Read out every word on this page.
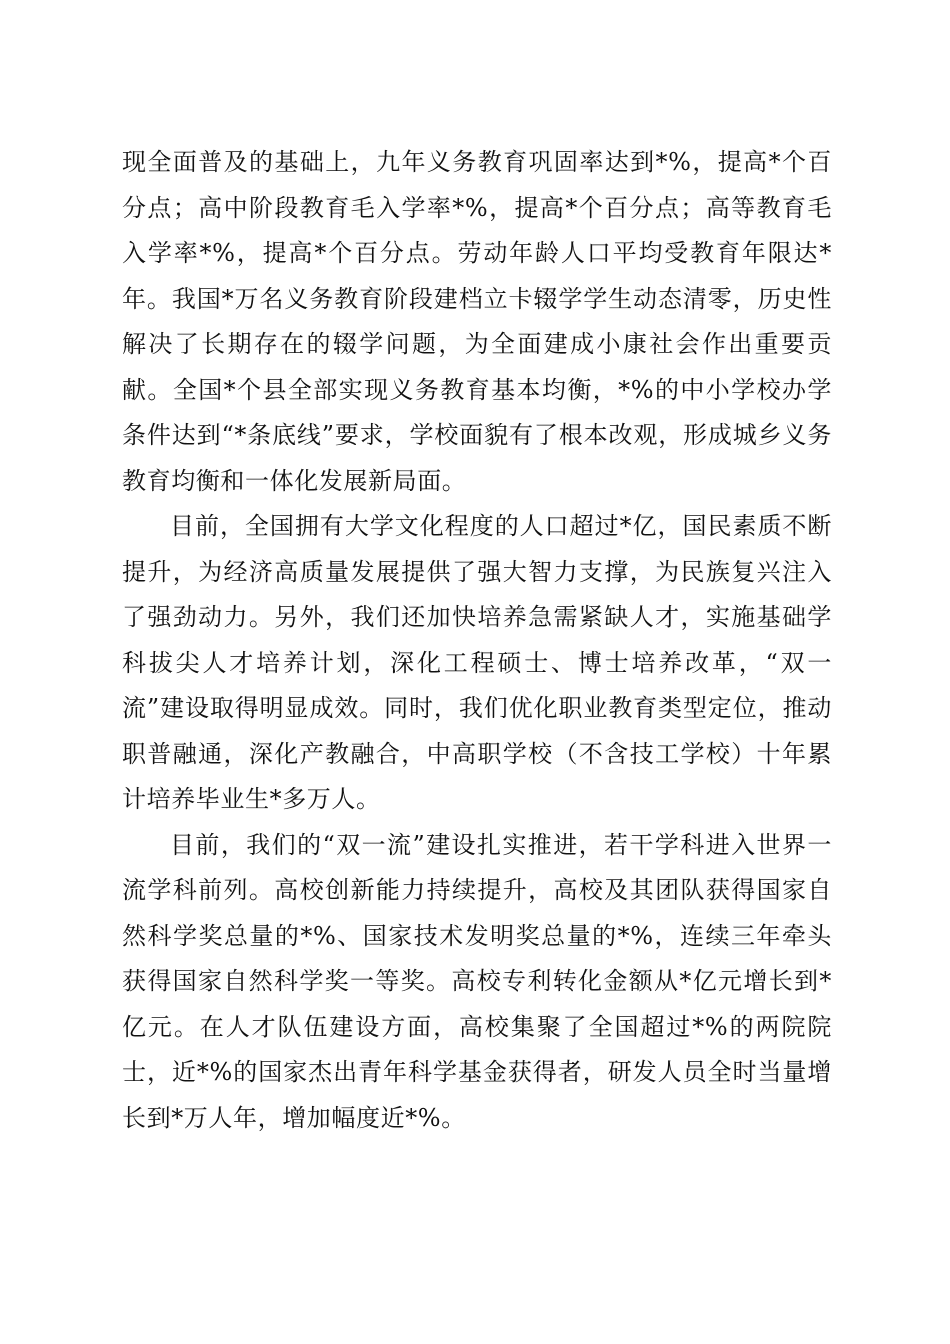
现全面普及的基础上，九年义务教育巩固率达到*%，提高*个百分点；高中阶段教育毛入学率*%，提高*个百分点；高等教育毛入学率*%，提高*个百分点。劳动年龄人口平均受教育年限达*年。我国*万名义务教育阶段建档立卡辍学学生动态清零，历史性解决了长期存在的辍学问题，为全面建成小康社会作出重要贡献。全国*个县全部实现义务教育基本均衡，*%的中小学校办学条件达到“*条底线”要求，学校面貌有了根本改观，形成城乡义务教育均衡和一体化发展新局面。

目前，全国拥有大学文化程度的人口超过*亿，国民素质不断提升，为经济高质量发展提供了强大智力支撑，为民族复兴注入了强劲动力。另外，我们还加快培养急需紧缺人才，实施基础学科拔尖人才培养计划，深化工程硕士、博士培养改革，“双一流”建设取得明显成效。同时，我们优化职业教育类型定位，推动职普融通，深化产教融合，中高职学校（不含技工学校）十年累计培养毕业生*多万人。

目前，我们的“双一流”建设扎实推进，若干学科进入世界一流学科前列。高校创新能力持续提升，高校及其团队获得国家自然科学奖总量的*%、国家技术发明奖总量的*%，连续三年牵头获得国家自然科学奖一等奖。高校专利转化金额从*亿元增长到*亿元。在人才队伍建设方面，高校集聚了全国超过*%的两院院士，近*%的国家杰出青年科学基金获得者，研发人员全时当量增长到*万人年，增加幅度近*%。
